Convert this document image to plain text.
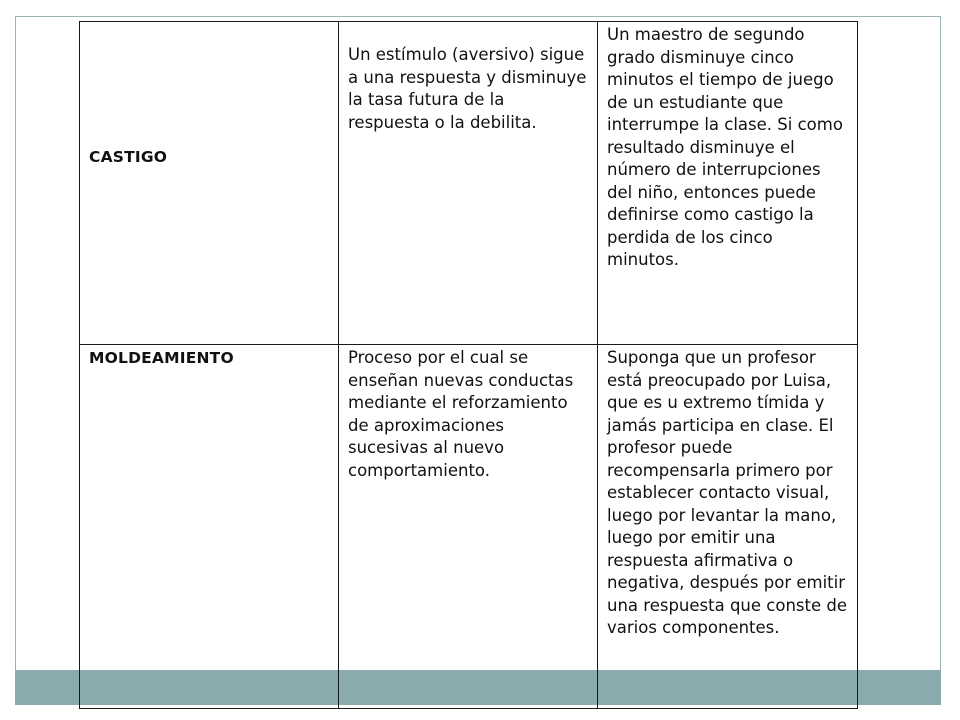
CASTIGO	Un estímulo (aversivo) sigue a una respuesta y disminuye la tasa futura de la respuesta o la debilita.	Un maestro de segundo grado disminuye cinco minutos el tiempo de juego de un estudiante que interrumpe la clase. Si como resultado disminuye el número de interrupciones del niño, entonces puede definirse como castigo la perdida de los cinco minutos.
MOLDEAMIENTO	Proceso por el cual se enseñan nuevas conductas mediante el reforzamiento de aproximaciones sucesivas al nuevo comportamiento.	Suponga que un profesor está preocupado por Luisa, que es u extremo tímida y jamás participa en clase. El profesor puede recompensarla primero por establecer contacto visual, luego por levantar la mano, luego por emitir una respuesta afirmativa o negativa, después por emitir una respuesta que conste de varios componentes.
